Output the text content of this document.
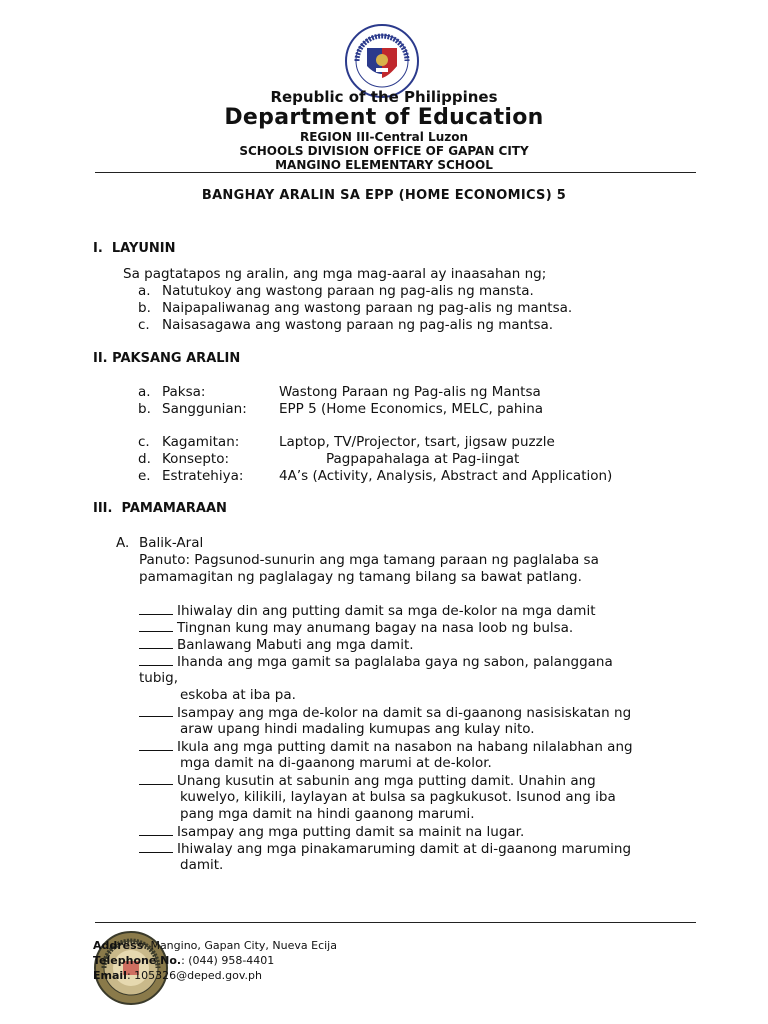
Republic of the Philippines
Department of Education
REGION III-Central Luzon
SCHOOLS DIVISION OFFICE OF GAPAN CITY
MANGINO ELEMENTARY SCHOOL
BANGHAY ARALIN SA EPP (HOME ECONOMICS) 5
I. LAYUNIN
Sa pagtatapos ng aralin, ang mga mag-aaral ay inaasahan ng;
a. Natutukoy ang wastong paraan ng pag-alis ng mansta.
b. Naipapaliwanag ang wastong paraan ng pag-alis ng mantsa.
c. Naisasagawa ang wastong paraan ng pag-alis ng mantsa.
II. PAKSANG ARALIN
a. Paksa:	Wastong Paraan ng Pag-alis ng Mantsa
b. Sanggunian: EPP 5 (Home Economics, MELC, pahina
c. Kagamitan:	Laptop, TV/Projector, tsart, jigsaw puzzle
d. Konsepto:	Pagpapahalaga at Pag-iingat
e. Estratehiya:	4A’s (Activity, Analysis, Abstract and Application)
III. PAMAMARAAN
A. Balik-Aral
Panuto: Pagsunod-sunurin ang mga tamang paraan ng paglalaba sa
pamamagitan ng paglalagay ng tamang bilang sa bawat patlang.
Ihiwalay din ang putting damit sa mga de-kolor na mga damit
Tingnan kung may anumang bagay na nasa loob ng bulsa.
Banlawang Mabuti ang mga damit.
Ihanda ang mga gamit sa paglalaba gaya ng sabon, palanggana
tubig,
eskoba at iba pa.
Isampay ang mga de-kolor na damit sa di-gaanong nasisiskatan ng
araw upang hindi madaling kumupas ang kulay nito.
Ikula ang mga putting damit na nasabon na habang nilalabhan ang
mga damit na di-gaanong marumi at de-kolor.
Unang kusutin at sabunin ang mga putting damit. Unahin ang
kuwelyo, kilikili, laylayan at bulsa sa pagkukusot. Isunod ang iba
pang mga damit na hindi gaanong marumi.
Isampay ang mga putting damit sa mainit na lugar.
Ihiwalay ang mga pinakamaruming damit at di-gaanong maruming
damit.
Address: Mangino, Gapan City, Nueva Ecija
Telephone No.: (044) 958-4401
Email: 105326@deped.gov.ph
